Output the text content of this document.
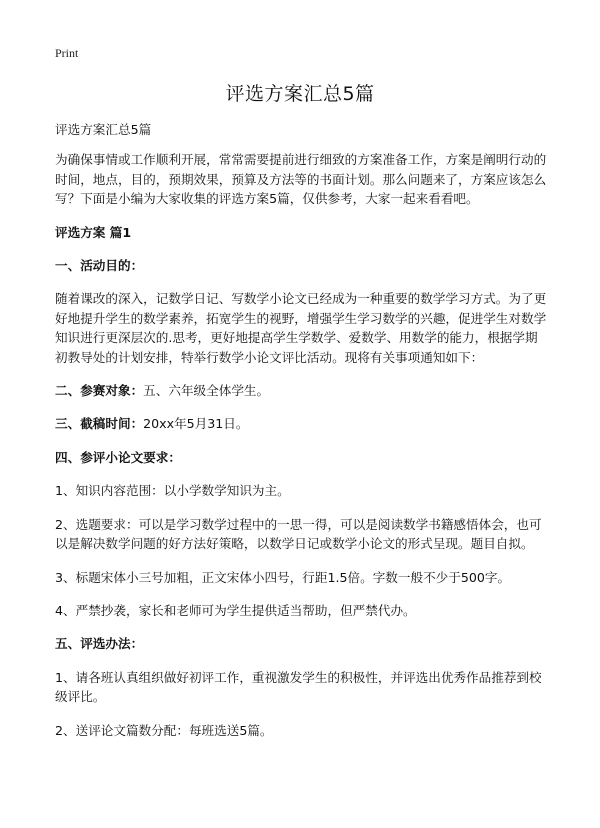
Print
评选方案汇总5篇

评选方案汇总5篇

为确保事情或工作顺利开展，常常需要提前进行细致的方案准备工作，方案是阐明行动的时间，地点，目的，预期效果，预算及方法等的书面计划。那么问题来了，方案应该怎么写？下面是小编为大家收集的评选方案5篇，仅供参考，大家一起来看看吧。

评选方案 篇1

一、活动目的：

随着课改的深入，记数学日记、写数学小论文已经成为一种重要的数学学习方式。为了更好地提升学生的数学素养，拓宽学生的视野，增强学生学习数学的兴趣，促进学生对数学知识进行更深层次的.思考，更好地提高学生学数学、爱数学、用数学的能力，根据学期初教导处的计划安排，特举行数学小论文评比活动。现将有关事项通知如下：

二、参赛对象：五、六年级全体学生。

三、截稿时间：20xx年5月31日。

四、参评小论文要求：

1、知识内容范围：以小学数学知识为主。

2、选题要求：可以是学习数学过程中的一思一得，可以是阅读数学书籍感悟体会，也可以是解决数学问题的好方法好策略，以数学日记或数学小论文的形式呈现。题目自拟。

3、标题宋体小三号加粗，正文宋体小四号，行距1.5倍。字数一般不少于500字。

4、严禁抄袭，家长和老师可为学生提供适当帮助，但严禁代办。

五、评选办法：

1、请各班认真组织做好初评工作，重视激发学生的积极性，并评选出优秀作品推荐到校级评比。

2、送评论文篇数分配：每班选送5篇。
